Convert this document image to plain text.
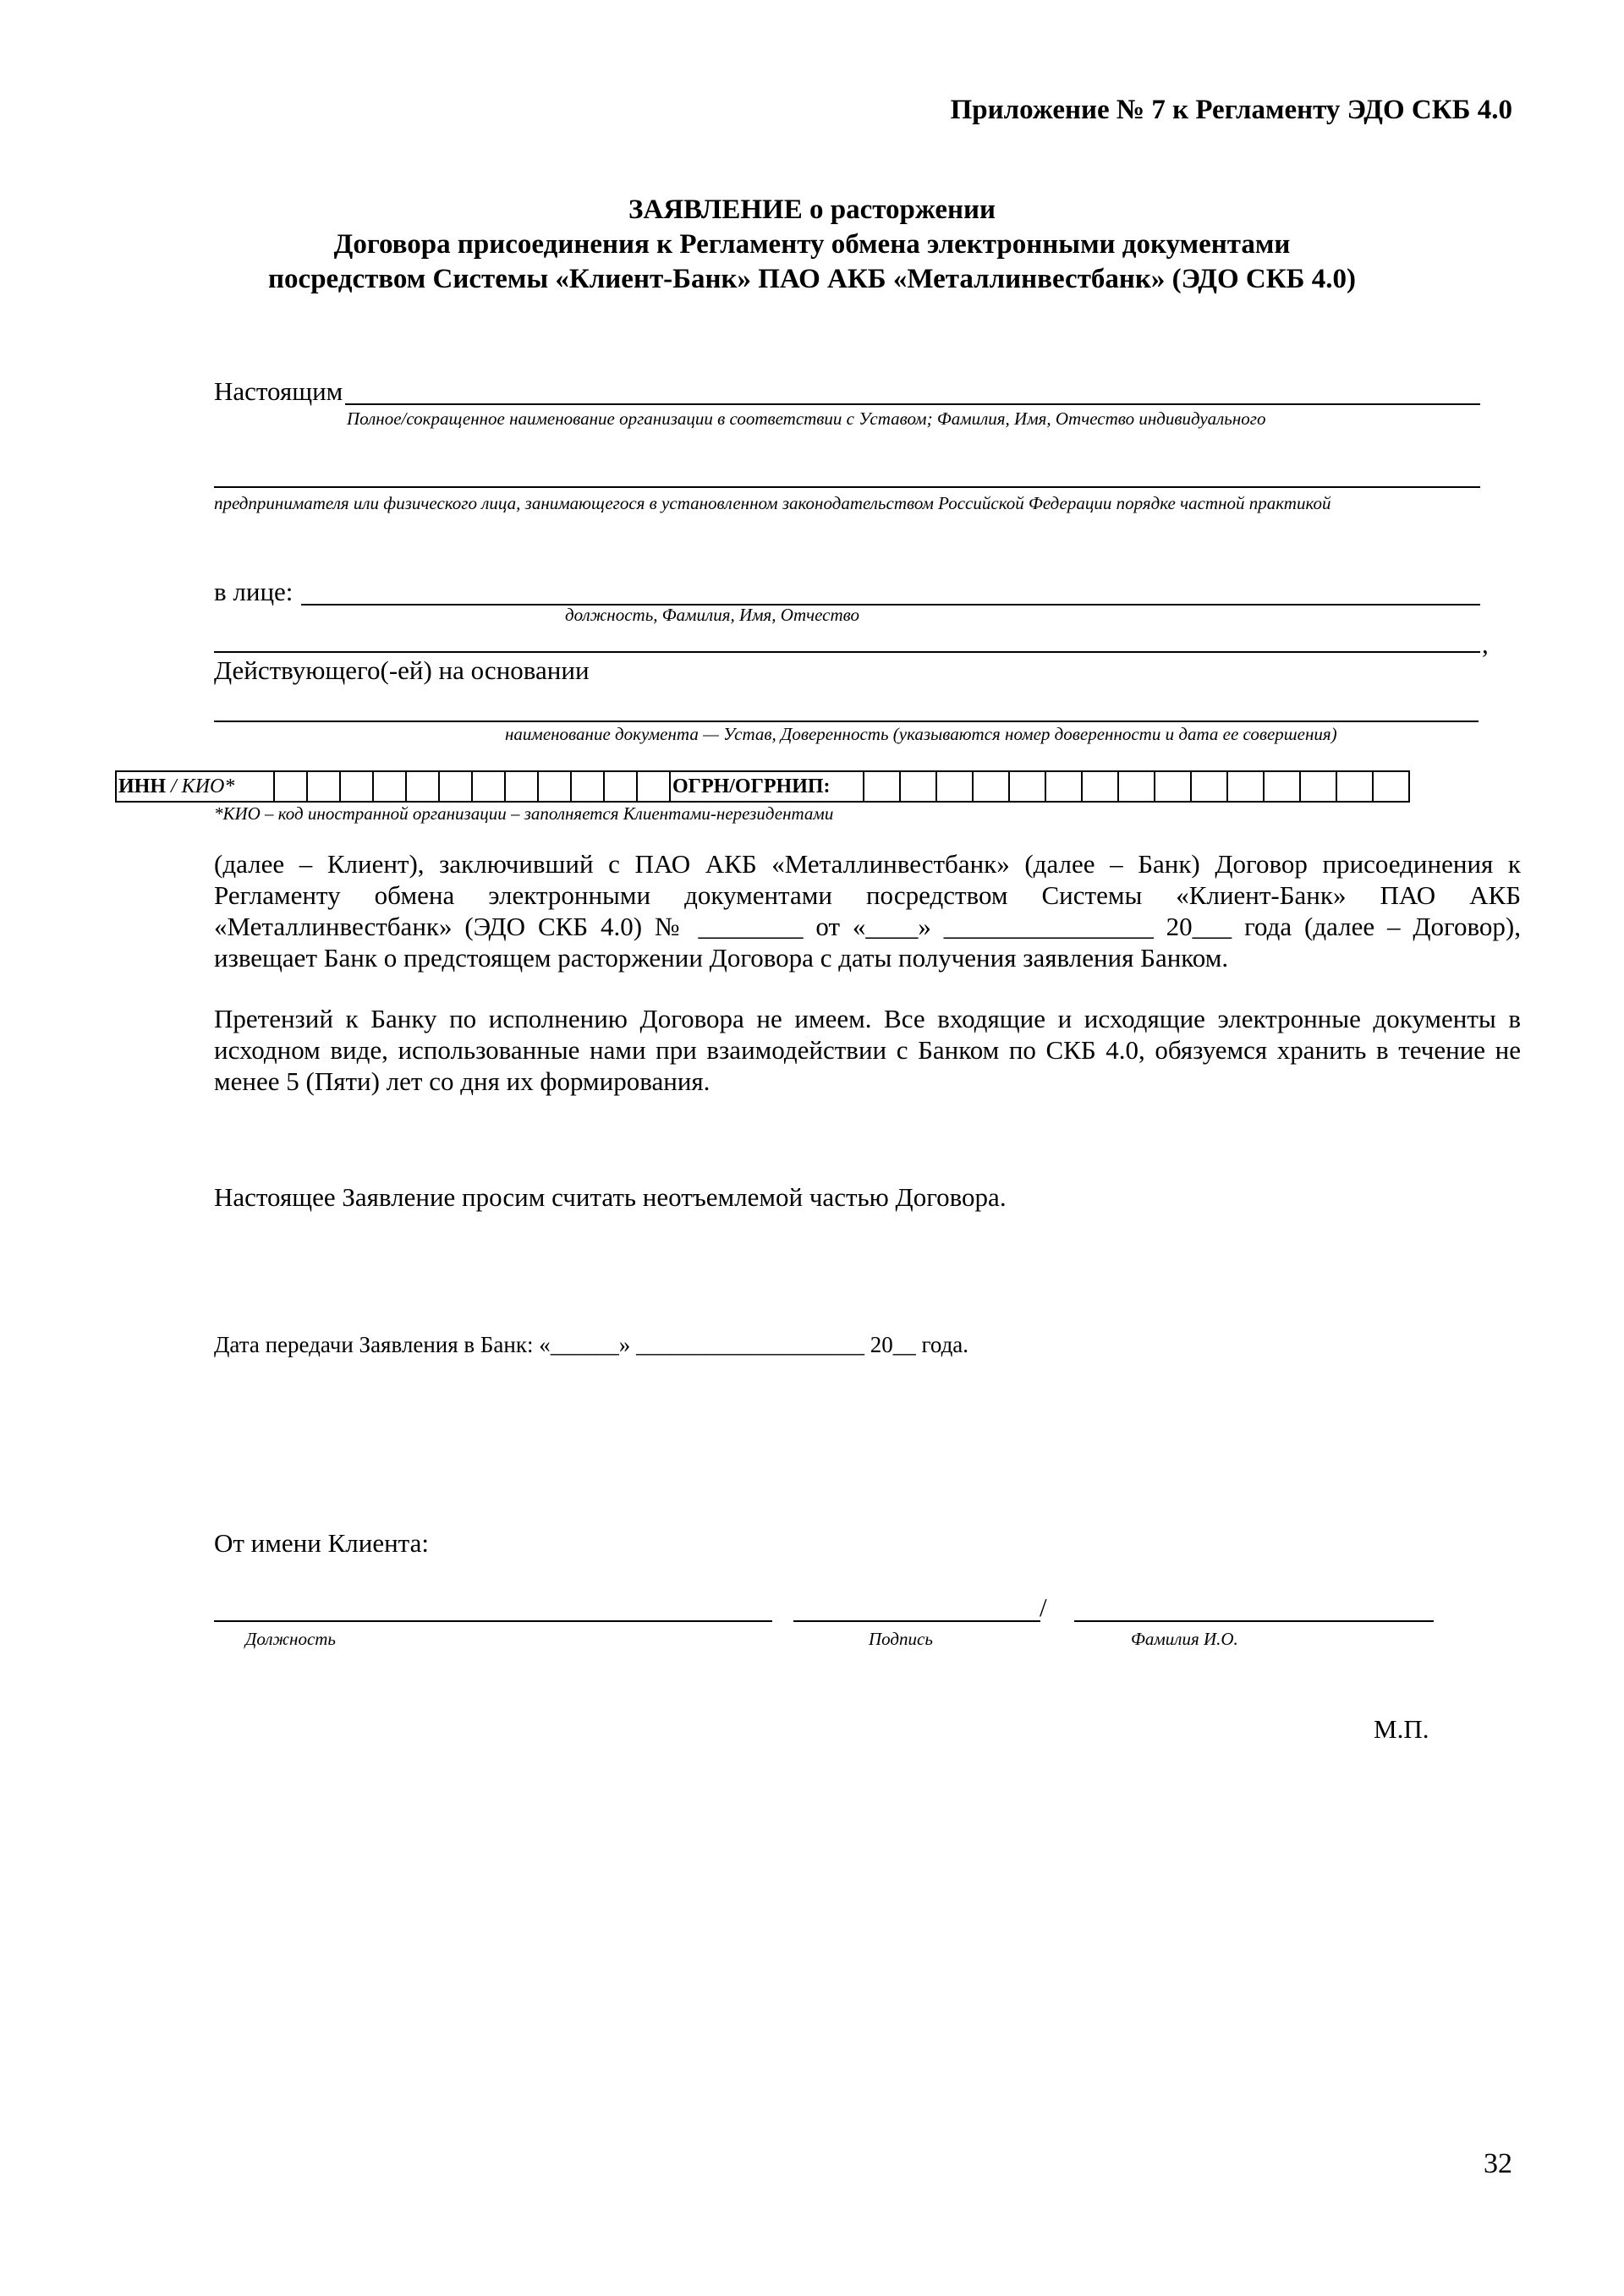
Приложение № 7 к Регламенту ЭДО СКБ 4.0
ЗАЯВЛЕНИЕ о расторжении
Договора присоединения к Регламенту обмена электронными документами
посредством Системы «Клиент-Банк» ПАО АКБ «Металлинвестбанк» (ЭДО СКБ 4.0)
Настоящим
Полное/сокращенное наименование организации в соответствии с Уставом; Фамилия, Имя, Отчество индивидуального
предпринимателя или физического лица, занимающегося в установленном законодательством Российской Федерации порядке частной практикой
в лице:
должность, Фамилия, Имя, Отчество
,
Действующего(-ей) на основании
наименование документа — Устав, Доверенность (указываются номер доверенности и дата ее совершения)
ИНН / КИО*													ОГРН/ОГРНИП:															
*КИО – код иностранной организации – заполняется Клиентами-нерезидентами
(далее – Клиент), заключивший с ПАО АКБ «Металлинвестбанк» (далее – Банк) Договор присоединения к Регламенту обмена электронными документами посредством Системы «Клиент-Банк» ПАО АКБ «Металлинвестбанк» (ЭДО СКБ 4.0) № ________ от «____» ________________ 20___ года (далее – Договор), извещает Банк о предстоящем расторжении Договора с даты получения заявления Банком.
Претензий к Банку по исполнению Договора не имеем. Все входящие и исходящие электронные документы в исходном виде, использованные нами при взаимодействии с Банком по СКБ 4.0, обязуемся хранить в течение не менее 5 (Пяти) лет со дня их формирования.
Настоящее Заявление просим считать неотъемлемой частью Договора.
Дата передачи Заявления в Банк: «______» ____________________ 20__ года.
От имени Клиента:
/
Должность	Подпись	Фамилия И.О.
М.П.
32
